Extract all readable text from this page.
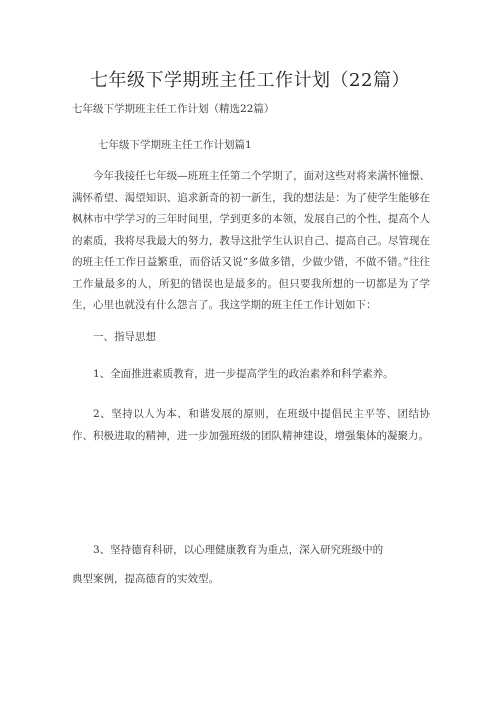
七年级下学期班主任工作计划（22篇）
七年级下学期班主任工作计划（精选22篇）
七年级下学期班主任工作计划篇1
今年我接任七年级—班班主任第二个学期了，面对这些对将来满怀憧憬、满怀希望、渴望知识、追求新奇的初一新生，我的想法是：为了使学生能够在枫林市中学学习的三年时间里，学到更多的本领，发展自己的个性，提高个人的素质，我将尽我最大的努力，教导这批学生认识自己、提高自己。尽管现在的班主任工作日益繁重，而俗话又说“多做多错，少做少错，不做不错。”往往工作量最多的人，所犯的错误也是最多的。但只要我所想的一切都是为了学生，心里也就没有什么怨言了。我这学期的班主任工作计划如下：
一、指导思想
1、全面推进素质教育，进一步提高学生的政治素养和科学素养。
2、坚持以人为本、和谐发展的原则，在班级中提倡民主平等、团结协作、积极进取的精神，进一步加强班级的团队精神建设，增强集体的凝聚力。
3、坚持德育科研，以心理健康教育为重点，深入研究班级中的
典型案例，提高德育的实效型。
